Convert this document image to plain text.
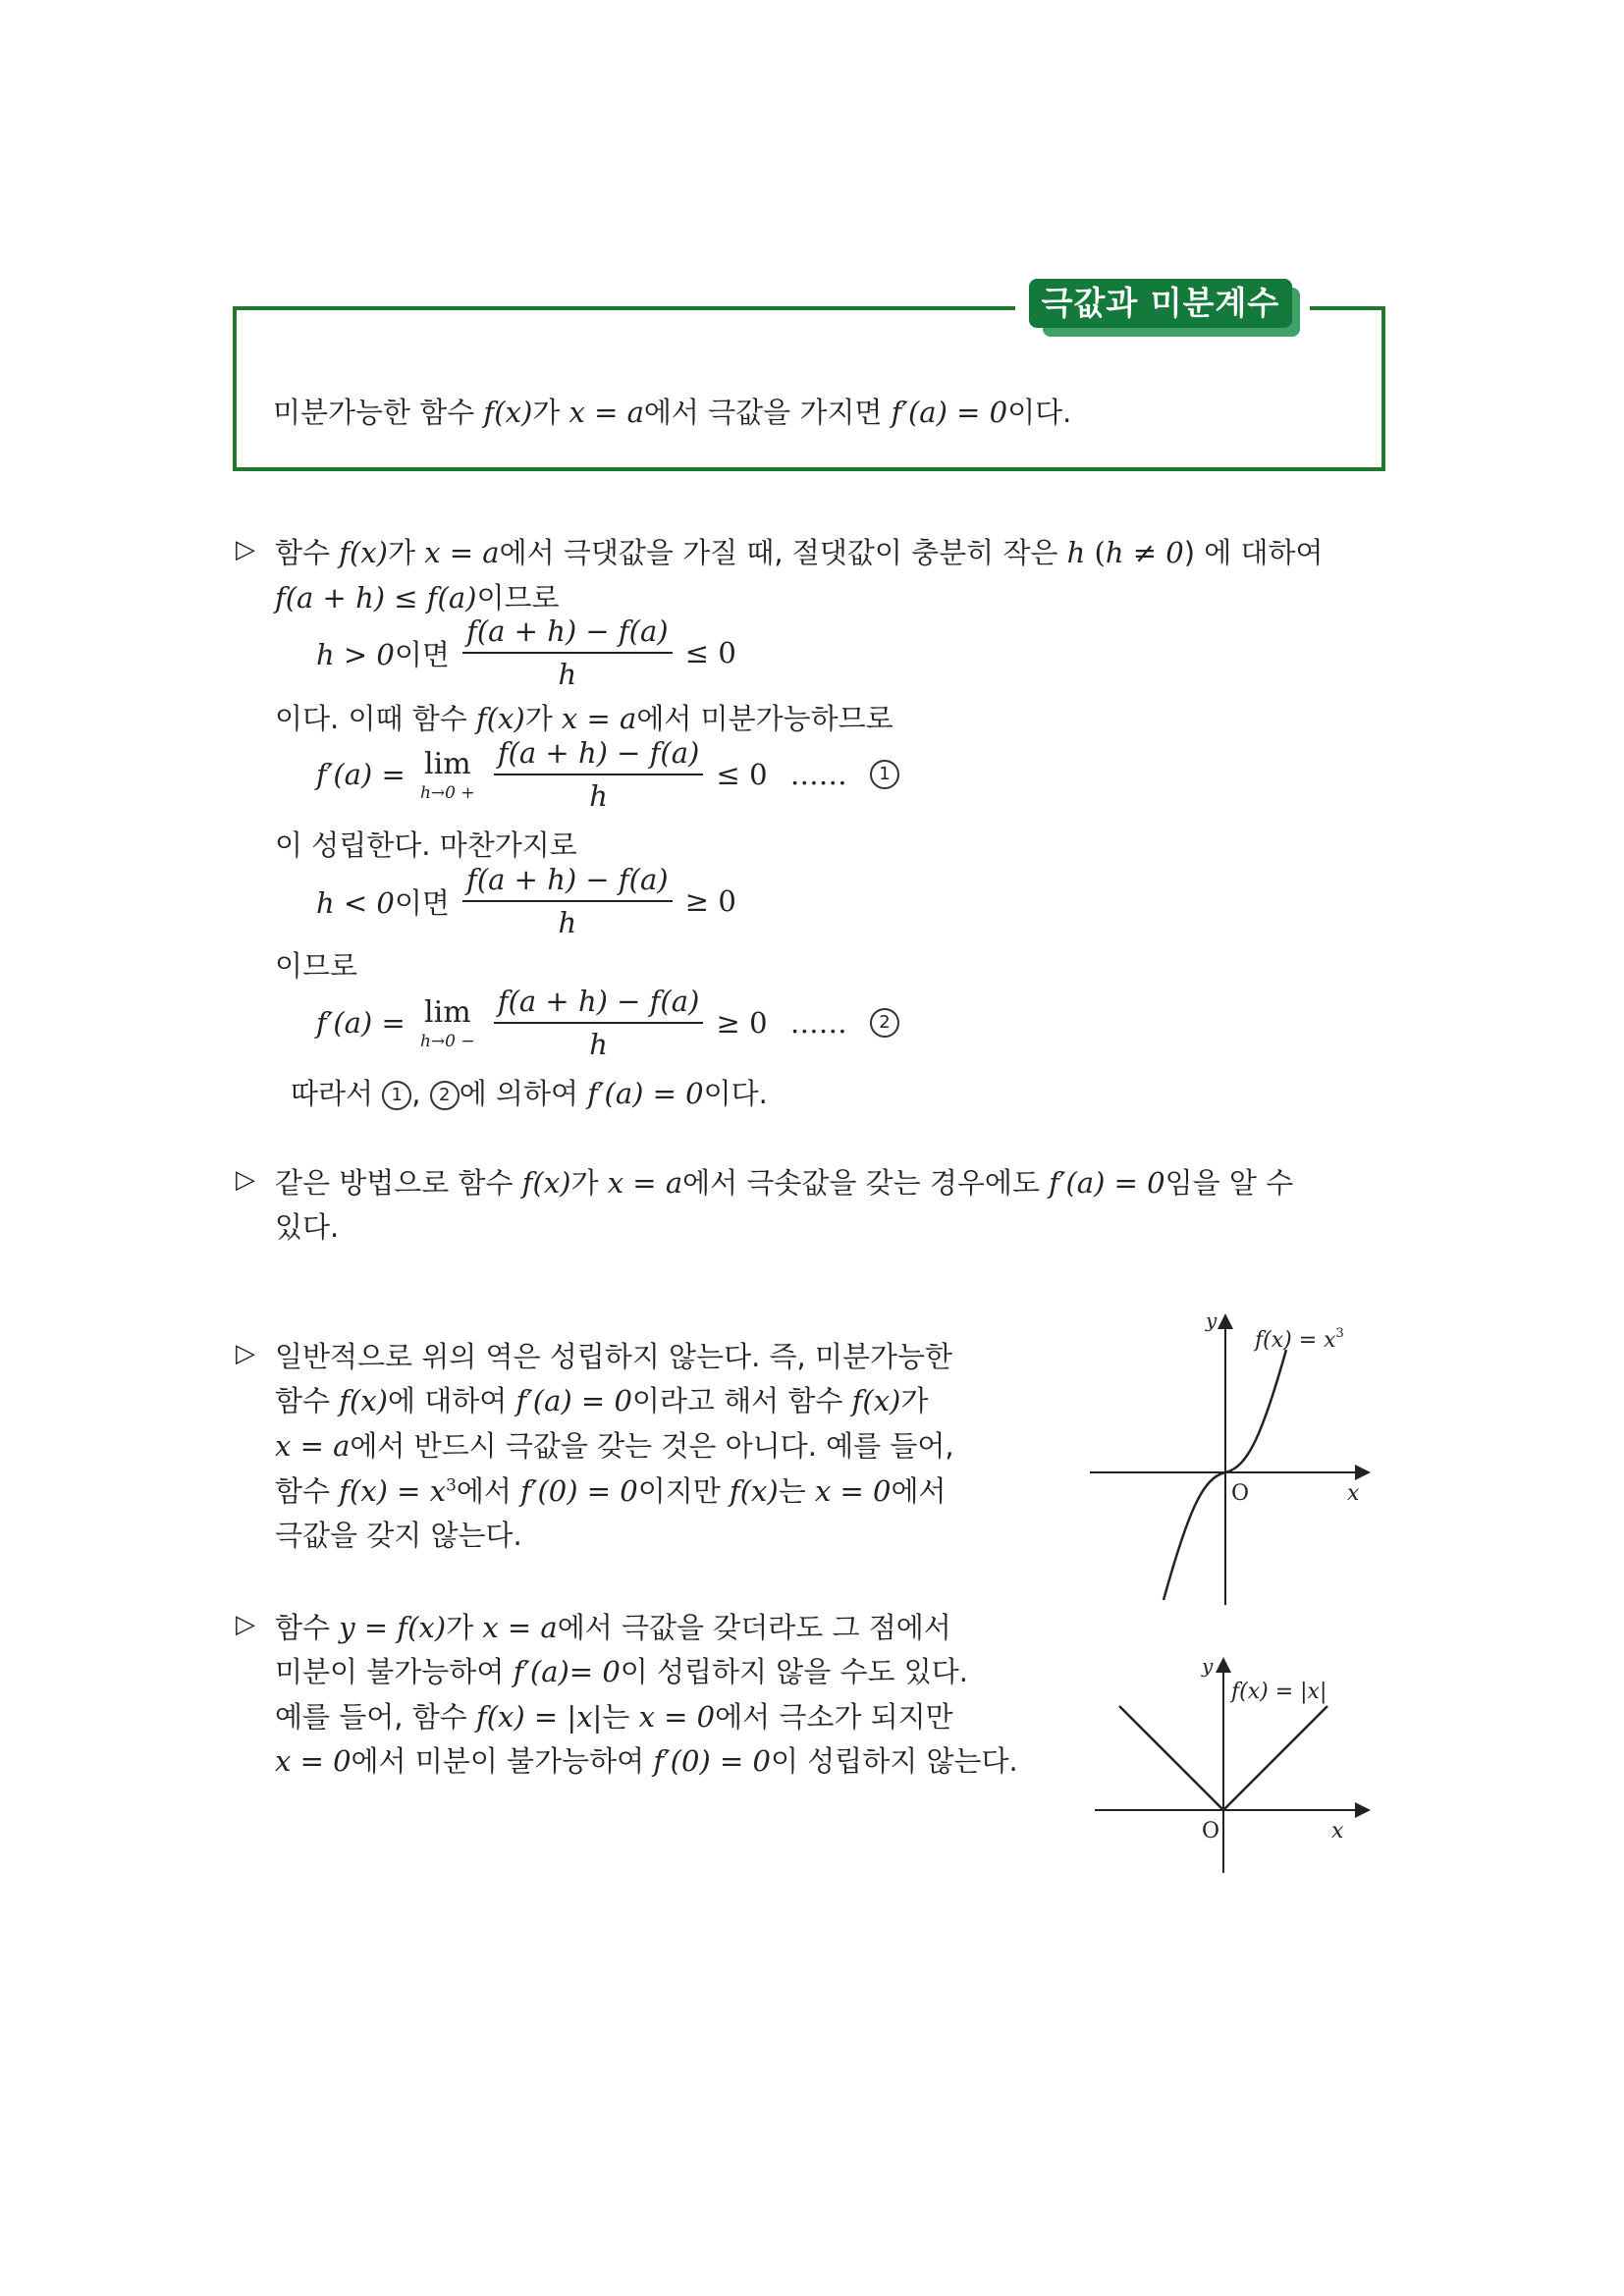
극값과 미분계수
미분가능한 함수 f(x)가 x = a에서 극값을 가지면 f′(a) = 0이다.
▷ 함수 f(x)가 x = a에서 극댓값을 가질 때, 절댓값이 충분히 작은 h (h ≠ 0) 에 대하여
f(a + h) ≤ f(a)이므로
h > 0이면 $\frac{f(a + h) - f(a)}{h} \le 0$
이다. 이때 함수 f(x)가 x = a에서 미분가능하므로
f′(a) = lim
h→0 +
$\frac{f(a + h) - f(a)}{h} \le 0$ …… 1
이 성립한다. 마찬가지로
h < 0이면 $\frac{f(a + h) - f(a)}{h} \ge 0$
이므로
f′(a) = lim
h→0 −
$\frac{f(a + h) - f(a)}{h} \ge 0$ …… 2
따라서 1 , 2 에 의하여 f′(a) = 0이다.
▷ 같은 방법으로 함수 f(x)가 x = a에서 극솟값을 갖는 경우에도 f′(a) = 0임을 알 수
있다.
▷ 일반적으로 위의 역은 성립하지 않는다. 즉, 미분가능한
함수 f(x)에 대하여 f′(a) = 0이라고 해서 함수 f(x)가
x = a에서 반드시 극값을 갖는 것은 아니다. 예를 들어,
함수 $f(x) = x^3$에서 f′(0) = 0이지만 f(x)는 x = 0에서
극값을 갖지 않는다.
y
x
O
$f(x) = x^3$
▷ 함수 y = f(x)가 x = a에서 극값을 갖더라도 그 점에서
미분이 불가능하여 f′(a)= 0이 성립하지 않을 수도 있다.
예를 들어, 함수 f(x) = |x|는 x = 0에서 극소가 되지만
x = 0에서 미분이 불가능하여 f′(0) = 0이 성립하지 않는다.
y
x
O
f(x) = |x|
